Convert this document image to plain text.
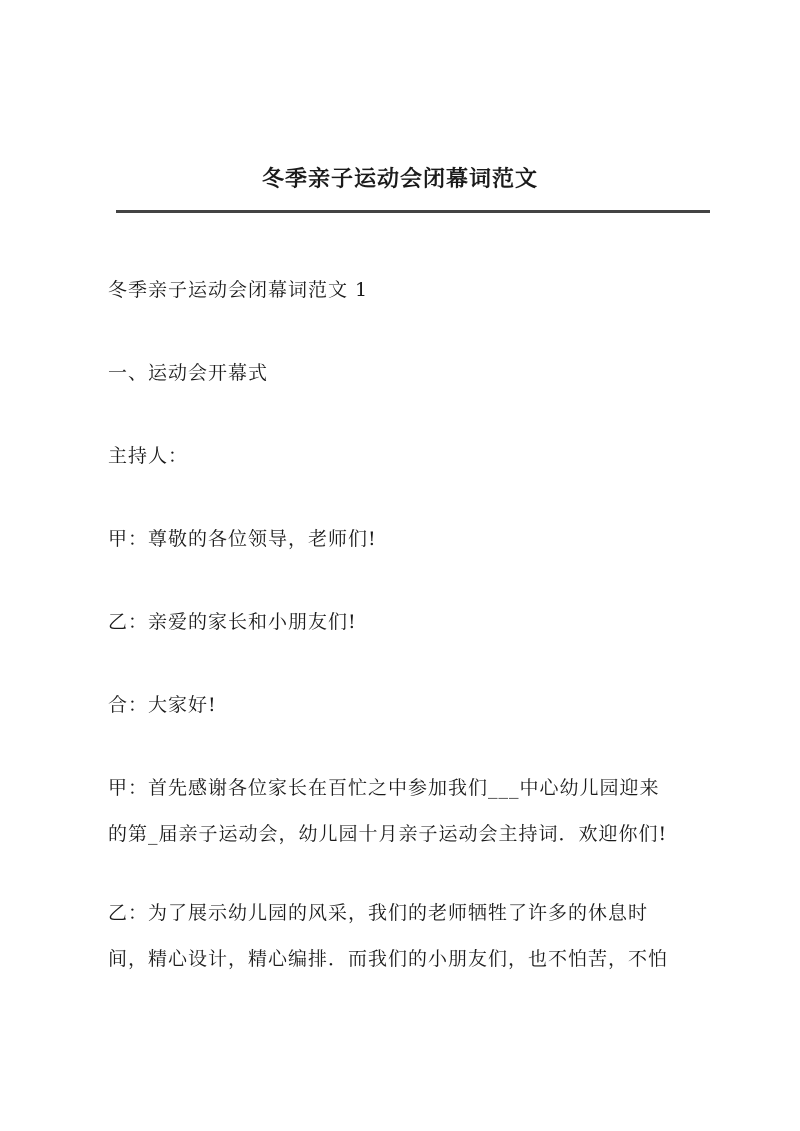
冬季亲子运动会闭幕词范文
冬季亲子运动会闭幕词范文 1
一、运动会开幕式
主持人：
甲：尊敬的各位领导，老师们!
乙：亲爱的家长和小朋友们!
合：大家好!
甲：首先感谢各位家长在百忙之中参加我们___中心幼儿园迎来
的第_届亲子运动会，幼儿园十月亲子运动会主持词．欢迎你们!
乙：为了展示幼儿园的风采，我们的老师牺牲了许多的休息时
间，精心设计，精心编排．而我们的小朋友们，也不怕苦，不怕
